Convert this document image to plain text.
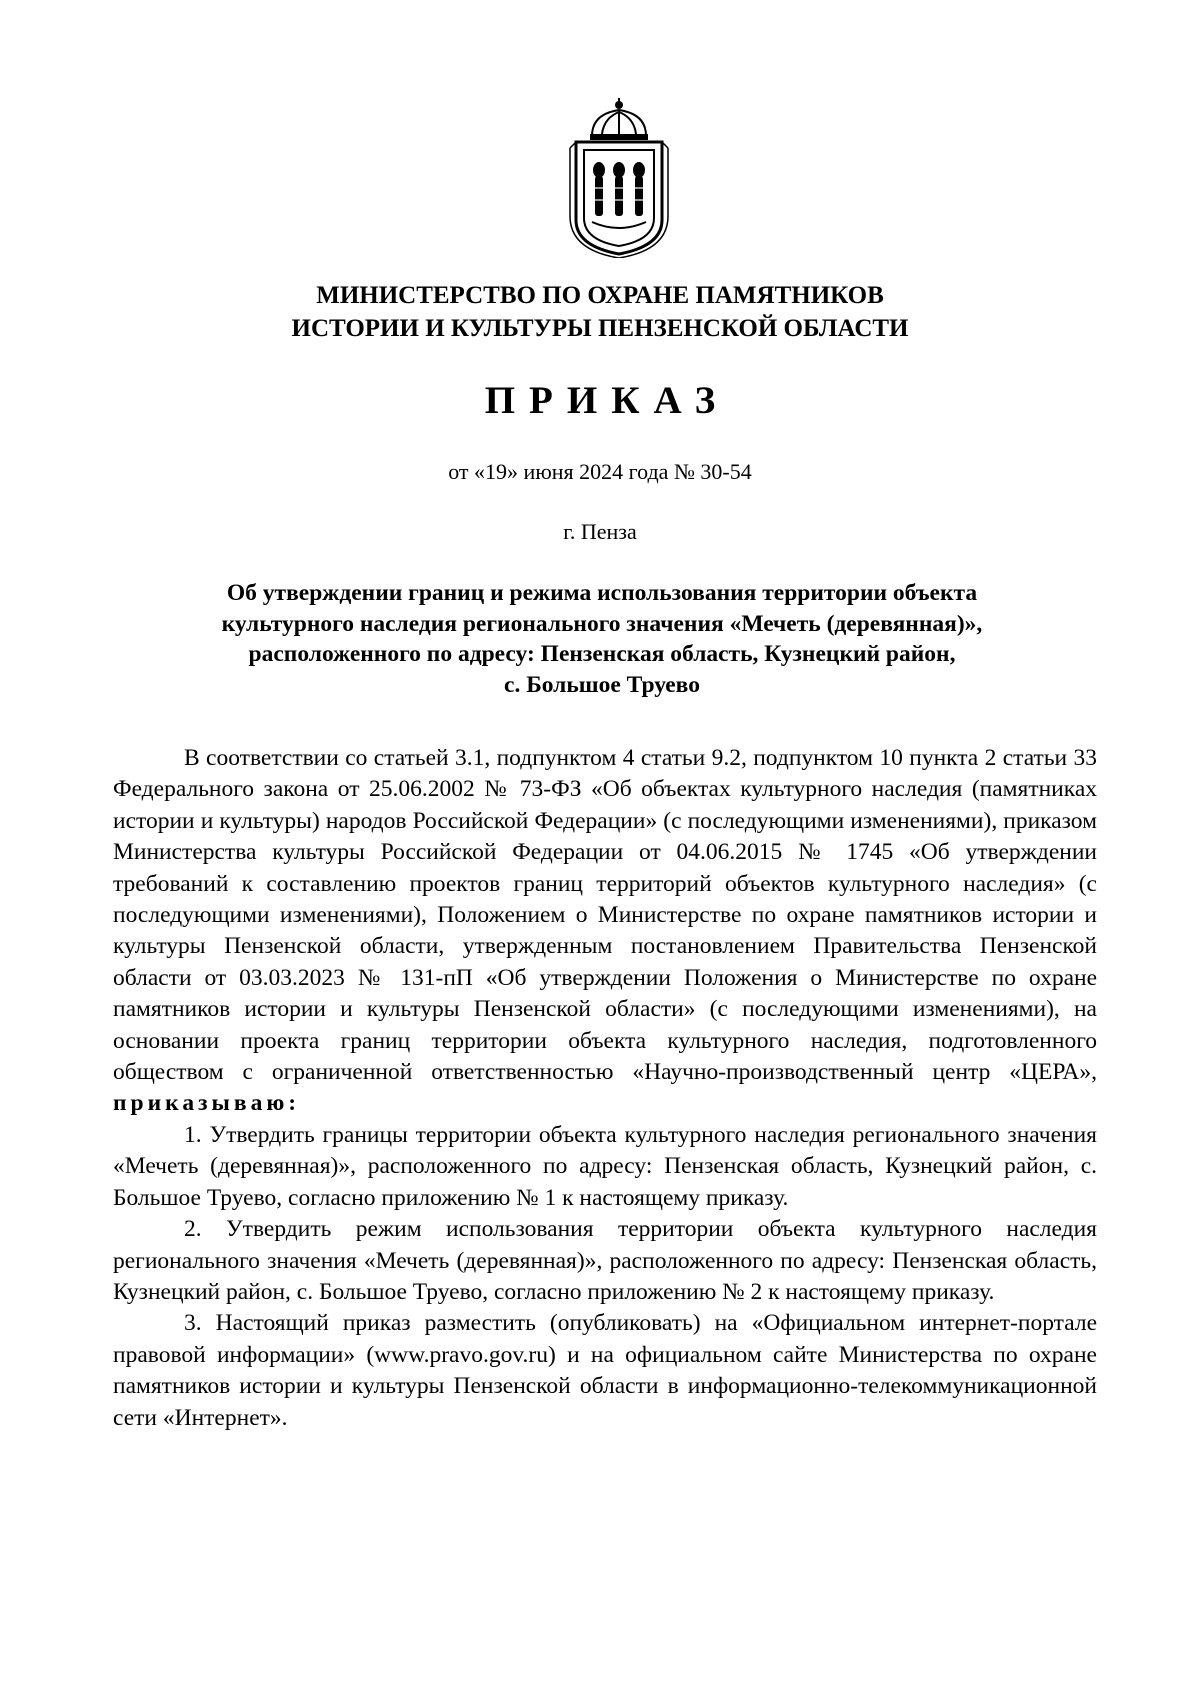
МИНИСТЕРСТВО ПО ОХРАНЕ ПАМЯТНИКОВ
ИСТОРИИ И КУЛЬТУРЫ ПЕНЗЕНСКОЙ ОБЛАСТИ
ПРИКАЗ
от «19» июня 2024 года № 30-54
г. Пенза
Об утверждении границ и режима использования территории объекта
культурного наследия регионального значения «Мечеть (деревянная)»,
расположенного по адресу: Пензенская область, Кузнецкий район,
с. Большое Труево

В соответствии со статьей 3.1, подпунктом 4 статьи 9.2, подпунктом 10 пункта 2 статьи 33 Федерального закона от 25.06.2002 № 73-ФЗ «Об объектах культурного наследия (памятниках истории и культуры) народов Российской Федерации» (с последующими изменениями), приказом Министерства культуры Российской Федерации от 04.06.2015 № 1745 «Об утверждении требований к составлению проектов границ территорий объектов культурного наследия» (с последующими изменениями), Положением о Министерстве по охране памятников истории и культуры Пензенской области, утвержденным постановлением Правительства Пензенской области от 03.03.2023 № 131-пП «Об утверждении Положения о Министерстве по охране памятников истории и культуры Пензенской области» (с последующими изменениями), на основании проекта границ территории объекта культурного наследия, подготовленного обществом с ограниченной ответственностью «Научно-производственный центр «ЦЕРА», приказываю:

1. Утвердить границы территории объекта культурного наследия регионального значения «Мечеть (деревянная)», расположенного по адресу: Пензенская область, Кузнецкий район, с. Большое Труево, согласно приложению № 1 к настоящему приказу.

2. Утвердить режим использования территории объекта культурного наследия регионального значения «Мечеть (деревянная)», расположенного по адресу: Пензенская область, Кузнецкий район, с. Большое Труево, согласно приложению № 2 к настоящему приказу.

3. Настоящий приказ разместить (опубликовать) на «Официальном интернет-портале правовой информации» (www.pravo.gov.ru) и на официальном сайте Министерства по охране памятников истории и культуры Пензенской области в информационно-телекоммуникационной сети «Интернет».
